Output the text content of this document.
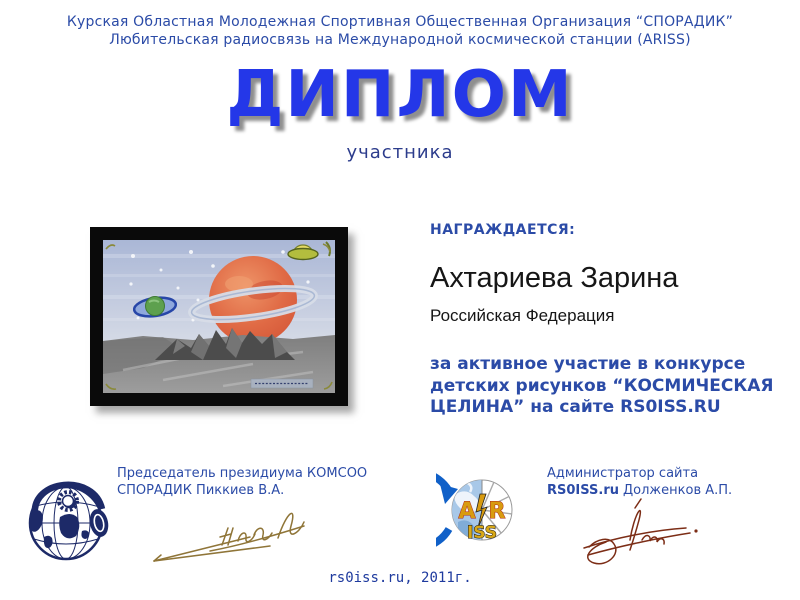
Курская Областная Молодежная Спортивная Общественная Организация “СПОРАДИК”
Любительская радиосвязь на Международной космической станции (ARISS)
ДИПЛОМ
участника
НАГРАЖДАЕТСЯ:
Ахтариева Зарина
Российская Федерация
за активное участие в конкурсе
детских рисунков “КОСМИЧЕСКАЯ
ЦЕЛИНА” на сайте RS0ISS.RU
Председатель президиума КОМСОО
СПОРАДИК Пиккиев В.А.
A R
ISS
Администратор сайта
RS0ISS.ru Долженков А.П.
rs0iss.ru, 2011г.
